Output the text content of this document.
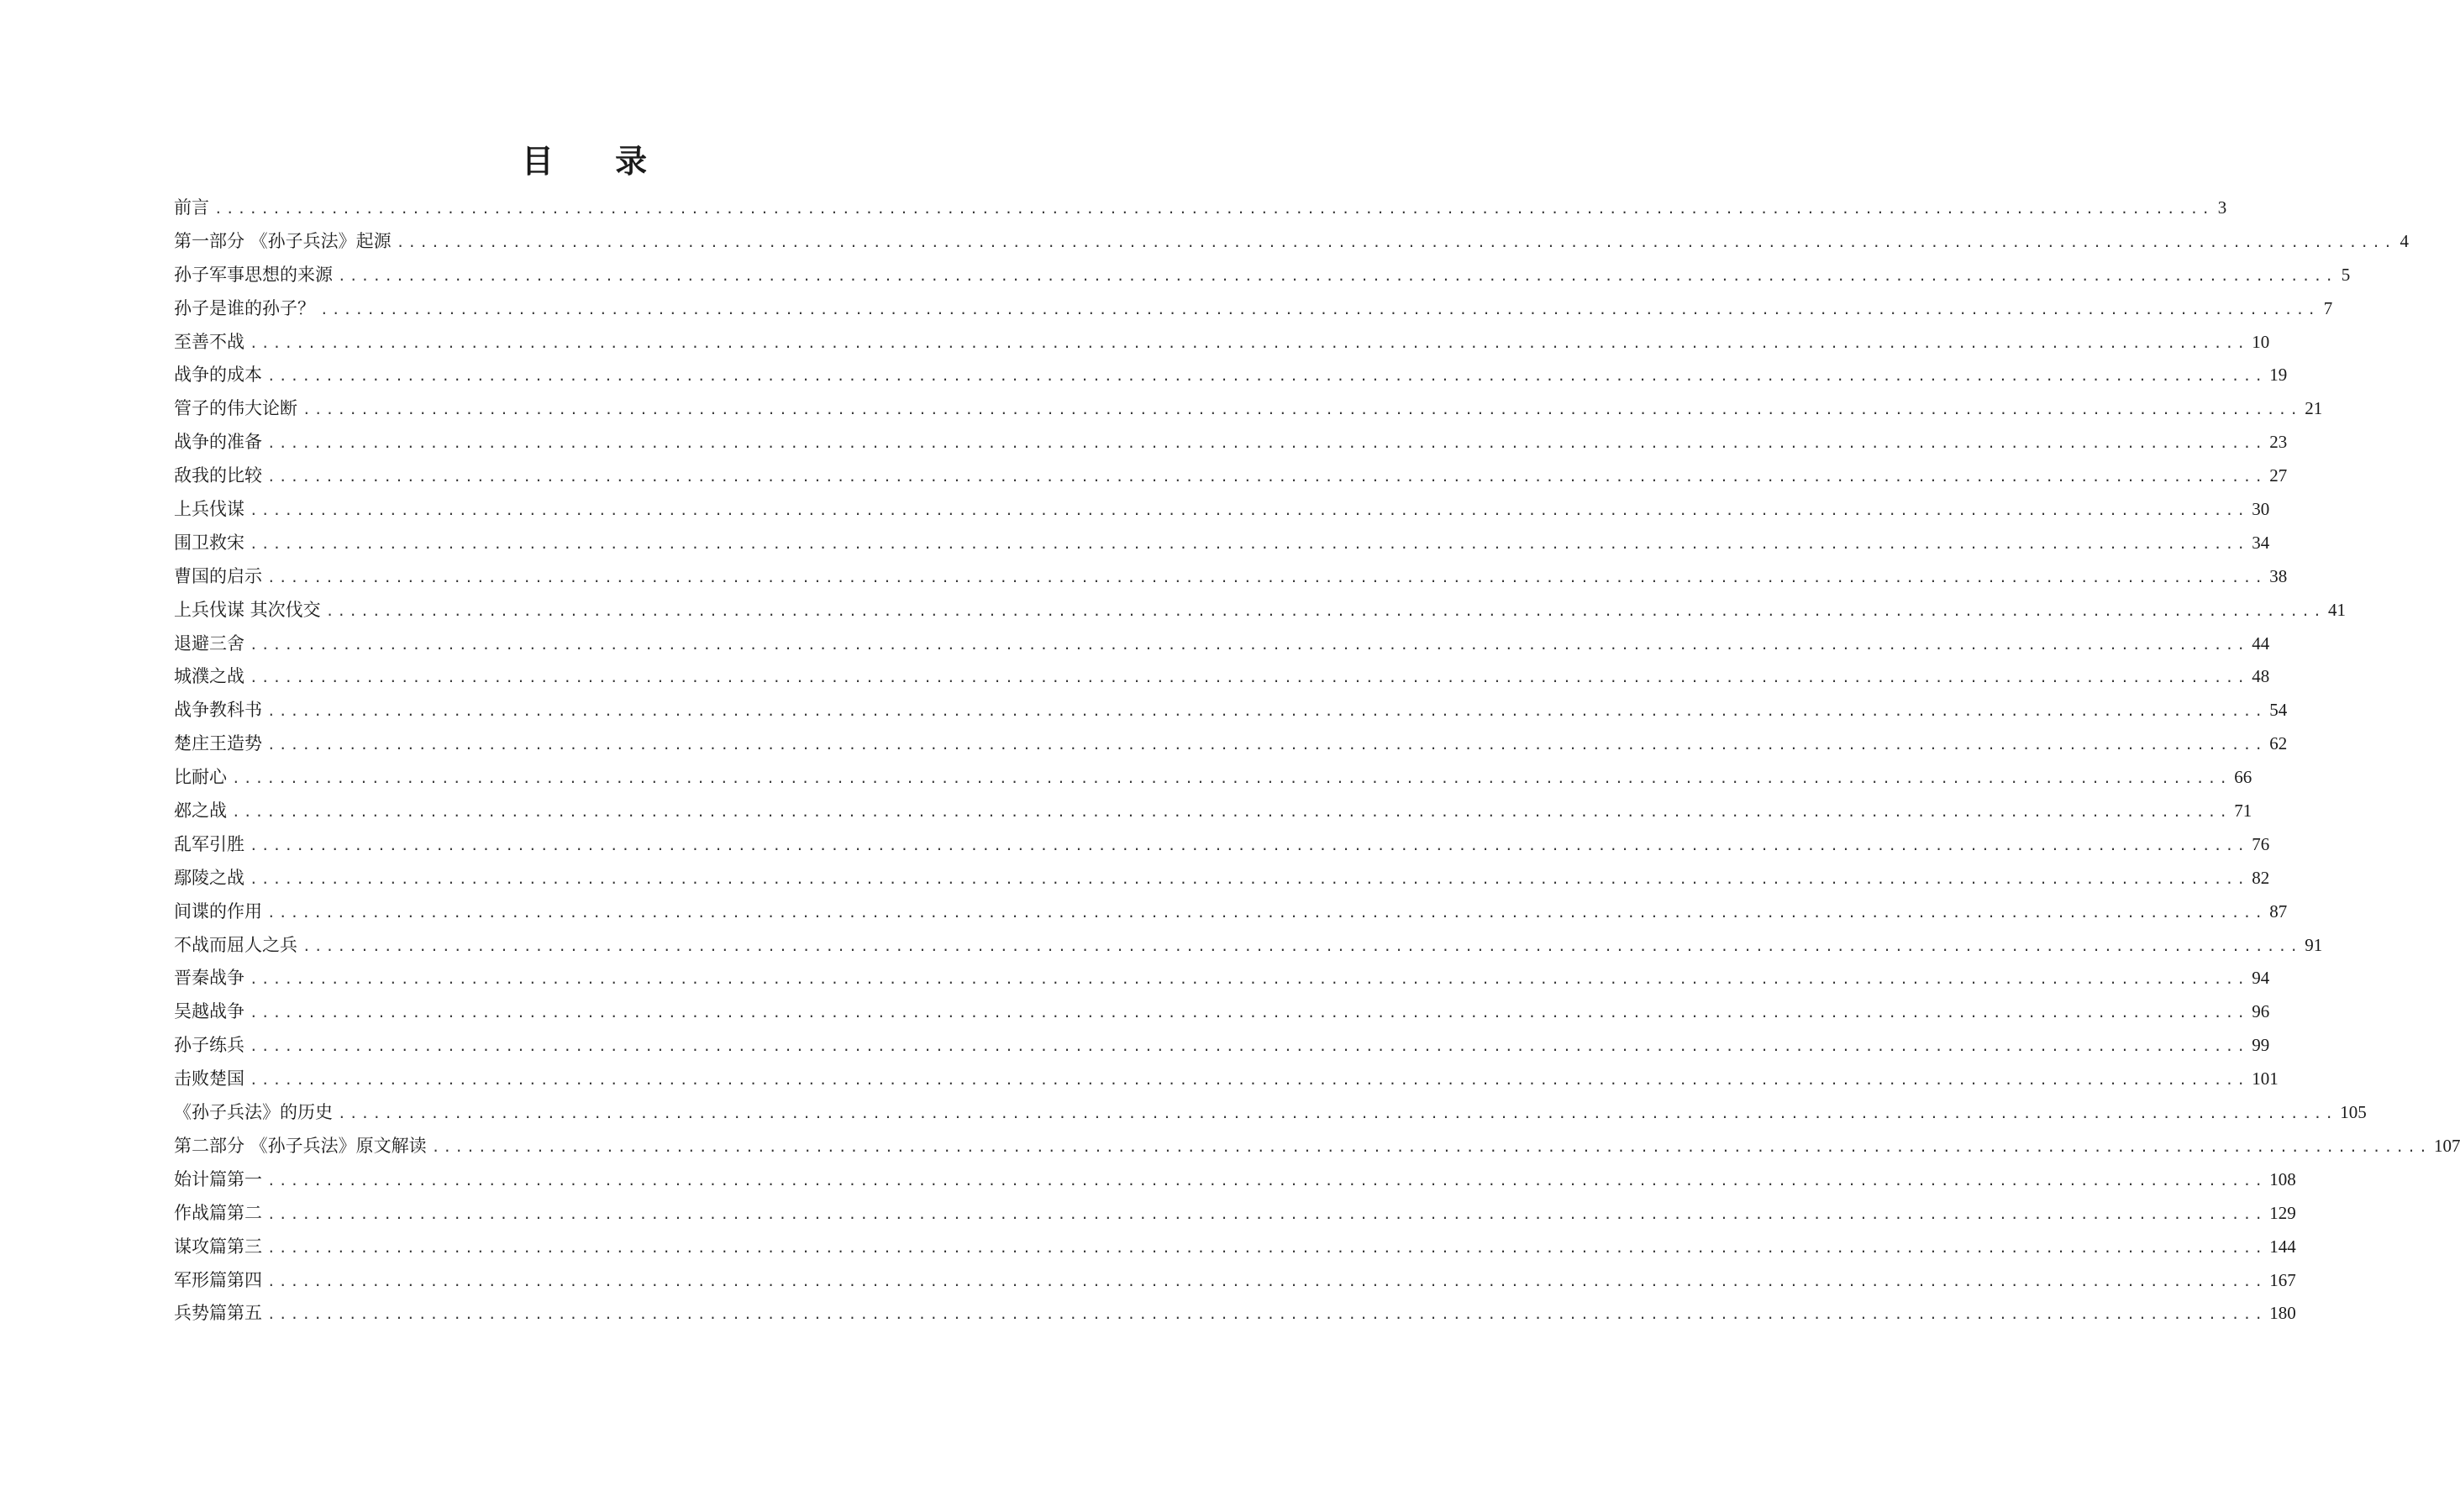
目 录
前言 ............................................................................................................................................................................ 3
第一部分 《孙子兵法》起源 ............................................................................................................................................................................ 4
孙子军事思想的来源 ............................................................................................................................................................................ 5
孙子是谁的孙子？ ............................................................................................................................................................................ 7
至善不战 ............................................................................................................................................................................ 10
战争的成本 ............................................................................................................................................................................ 19
管子的伟大论断 ............................................................................................................................................................................ 21
战争的准备 ............................................................................................................................................................................ 23
敌我的比较 ............................................................................................................................................................................ 27
上兵伐谋 ............................................................................................................................................................................ 30
围卫救宋 ............................................................................................................................................................................ 34
曹国的启示 ............................................................................................................................................................................ 38
上兵伐谋 其次伐交 ............................................................................................................................................................................ 41
退避三舍 ............................................................................................................................................................................ 44
城濮之战 ............................................................................................................................................................................ 48
战争教科书 ............................................................................................................................................................................ 54
楚庄王造势 ............................................................................................................................................................................ 62
比耐心 ............................................................................................................................................................................ 66
邲之战 ............................................................................................................................................................................ 71
乱军引胜 ............................................................................................................................................................................ 76
鄢陵之战 ............................................................................................................................................................................ 82
间谍的作用 ............................................................................................................................................................................ 87
不战而屈人之兵 ............................................................................................................................................................................ 91
晋秦战争 ............................................................................................................................................................................ 94
吴越战争 ............................................................................................................................................................................ 96
孙子练兵 ............................................................................................................................................................................ 99
击败楚国 ............................................................................................................................................................................ 101
《孙子兵法》的历史 ............................................................................................................................................................................ 105
第二部分 《孙子兵法》原文解读 ............................................................................................................................................................................ 107
始计篇第一 ............................................................................................................................................................................ 108
作战篇第二 ............................................................................................................................................................................ 129
谋攻篇第三 ............................................................................................................................................................................ 144
军形篇第四 ............................................................................................................................................................................ 167
兵势篇第五 ............................................................................................................................................................................ 180
